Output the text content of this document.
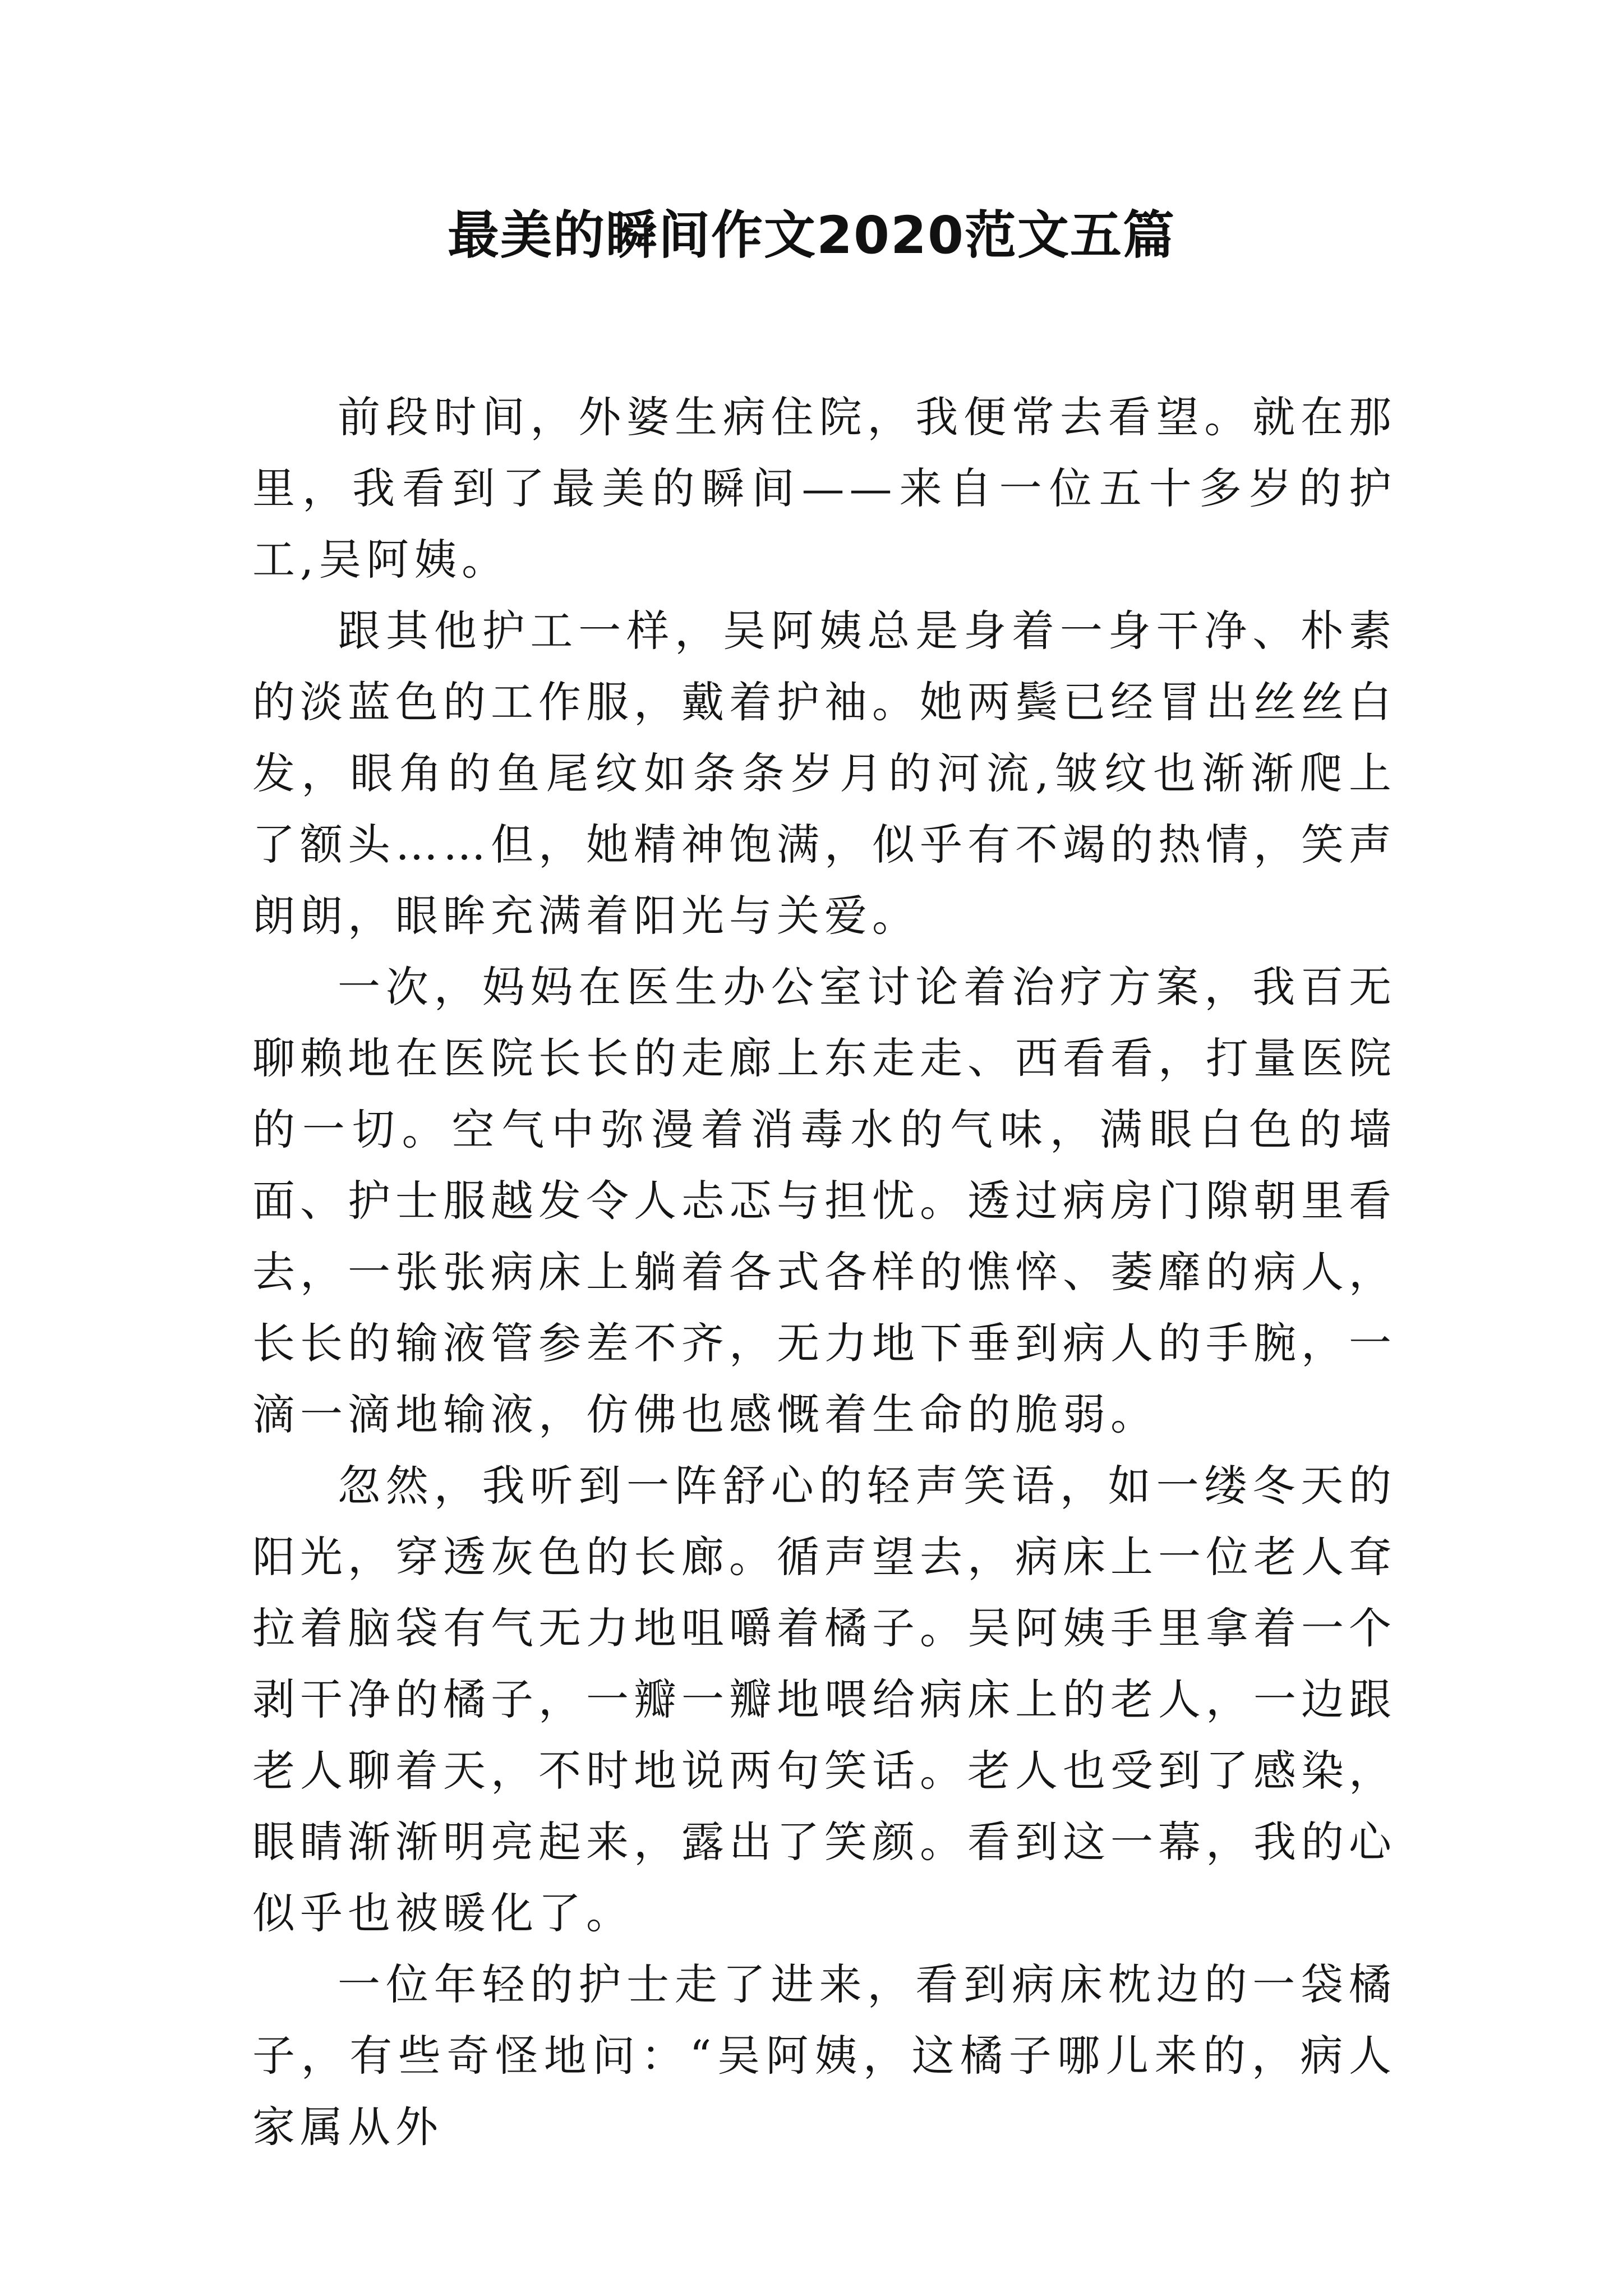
最美的瞬间作文2020范文五篇

前段时间，外婆生病住院，我便常去看望。就在那里，我看到了最美的瞬间——来自一位五十多岁的护工,吴阿姨。

跟其他护工一样，吴阿姨总是身着一身干净、朴素的淡蓝色的工作服，戴着护袖。她两鬓已经冒出丝丝白发，眼角的鱼尾纹如条条岁月的河流,皱纹也渐渐爬上了额头……但，她精神饱满，似乎有不竭的热情，笑声朗朗，眼眸充满着阳光与关爱。

一次，妈妈在医生办公室讨论着治疗方案，我百无聊赖地在医院长长的走廊上东走走、西看看，打量医院的一切。空气中弥漫着消毒水的气味，满眼白色的墙面、护士服越发令人忐忑与担忧。透过病房门隙朝里看去，一张张病床上躺着各式各样的憔悴、萎靡的病人，长长的输液管参差不齐，无力地下垂到病人的手腕，一滴一滴地输液，仿佛也感慨着生命的脆弱。

忽然，我听到一阵舒心的轻声笑语，如一缕冬天的阳光，穿透灰色的长廊。循声望去，病床上一位老人耷拉着脑袋有气无力地咀嚼着橘子。吴阿姨手里拿着一个剥干净的橘子，一瓣一瓣地喂给病床上的老人，一边跟老人聊着天，不时地说两句笑话。老人也受到了感染，眼睛渐渐明亮起来，露出了笑颜。看到这一幕，我的心似乎也被暖化了。

一位年轻的护士走了进来，看到病床枕边的一袋橘子，有些奇怪地问：“吴阿姨，这橘子哪儿来的，病人家属从外
